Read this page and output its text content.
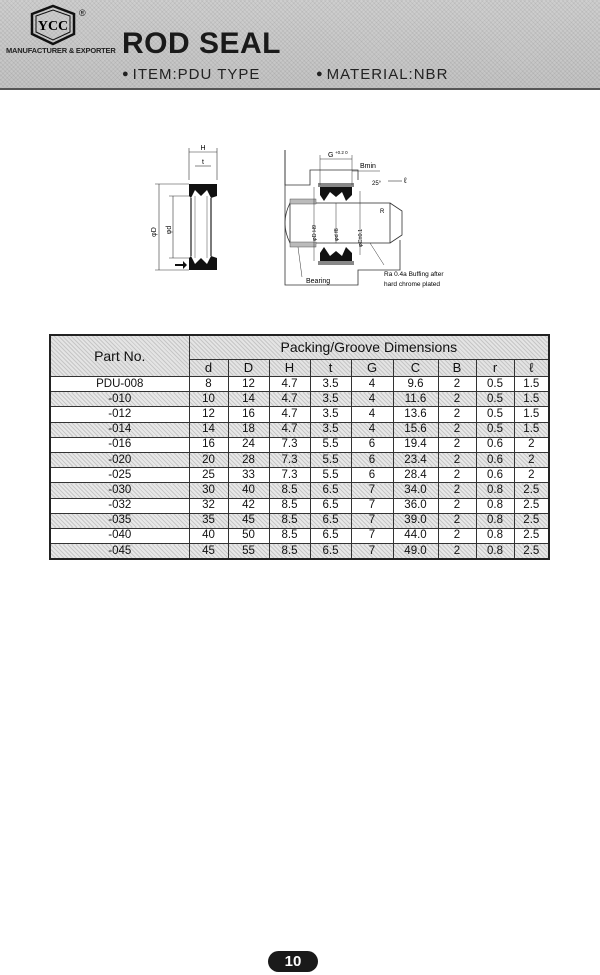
YCC
®
MANUFACTURER & EXPORTER ROD SEAL
● ITEM:PDU TYPE	● MATERIAL:NBR
H
t
φD φd
Bearing
G +0.2 0
Bmin
25°	ℓ
R
φD H9	φd f8	φC±0.1
Ra 0.4a Buffing after
hard chrome plated
Part No.	Packing/Groove Dimensions								
	d	D	H	t	G	C	B	r	ℓ
PDU-008	8	12	4.7	3.5	4	9.6	2	0.5	1.5
-010	10	14	4.7	3.5	4	11.6	2	0.5	1.5
-012	12	16	4.7	3.5	4	13.6	2	0.5	1.5
-014	14	18	4.7	3.5	4	15.6	2	0.5	1.5
-016	16	24	7.3	5.5	6	19.4	2	0.6	2
-020	20	28	7.3	5.5	6	23.4	2	0.6	2
-025	25	33	7.3	5.5	6	28.4	2	0.6	2
-030	30	40	8.5	6.5	7	34.0	2	0.8	2.5
-032	32	42	8.5	6.5	7	36.0	2	0.8	2.5
-035	35	45	8.5	6.5	7	39.0	2	0.8	2.5
-040	40	50	8.5	6.5	7	44.0	2	0.8	2.5
-045	45	55	8.5	6.5	7	49.0	2	0.8	2.5
10
